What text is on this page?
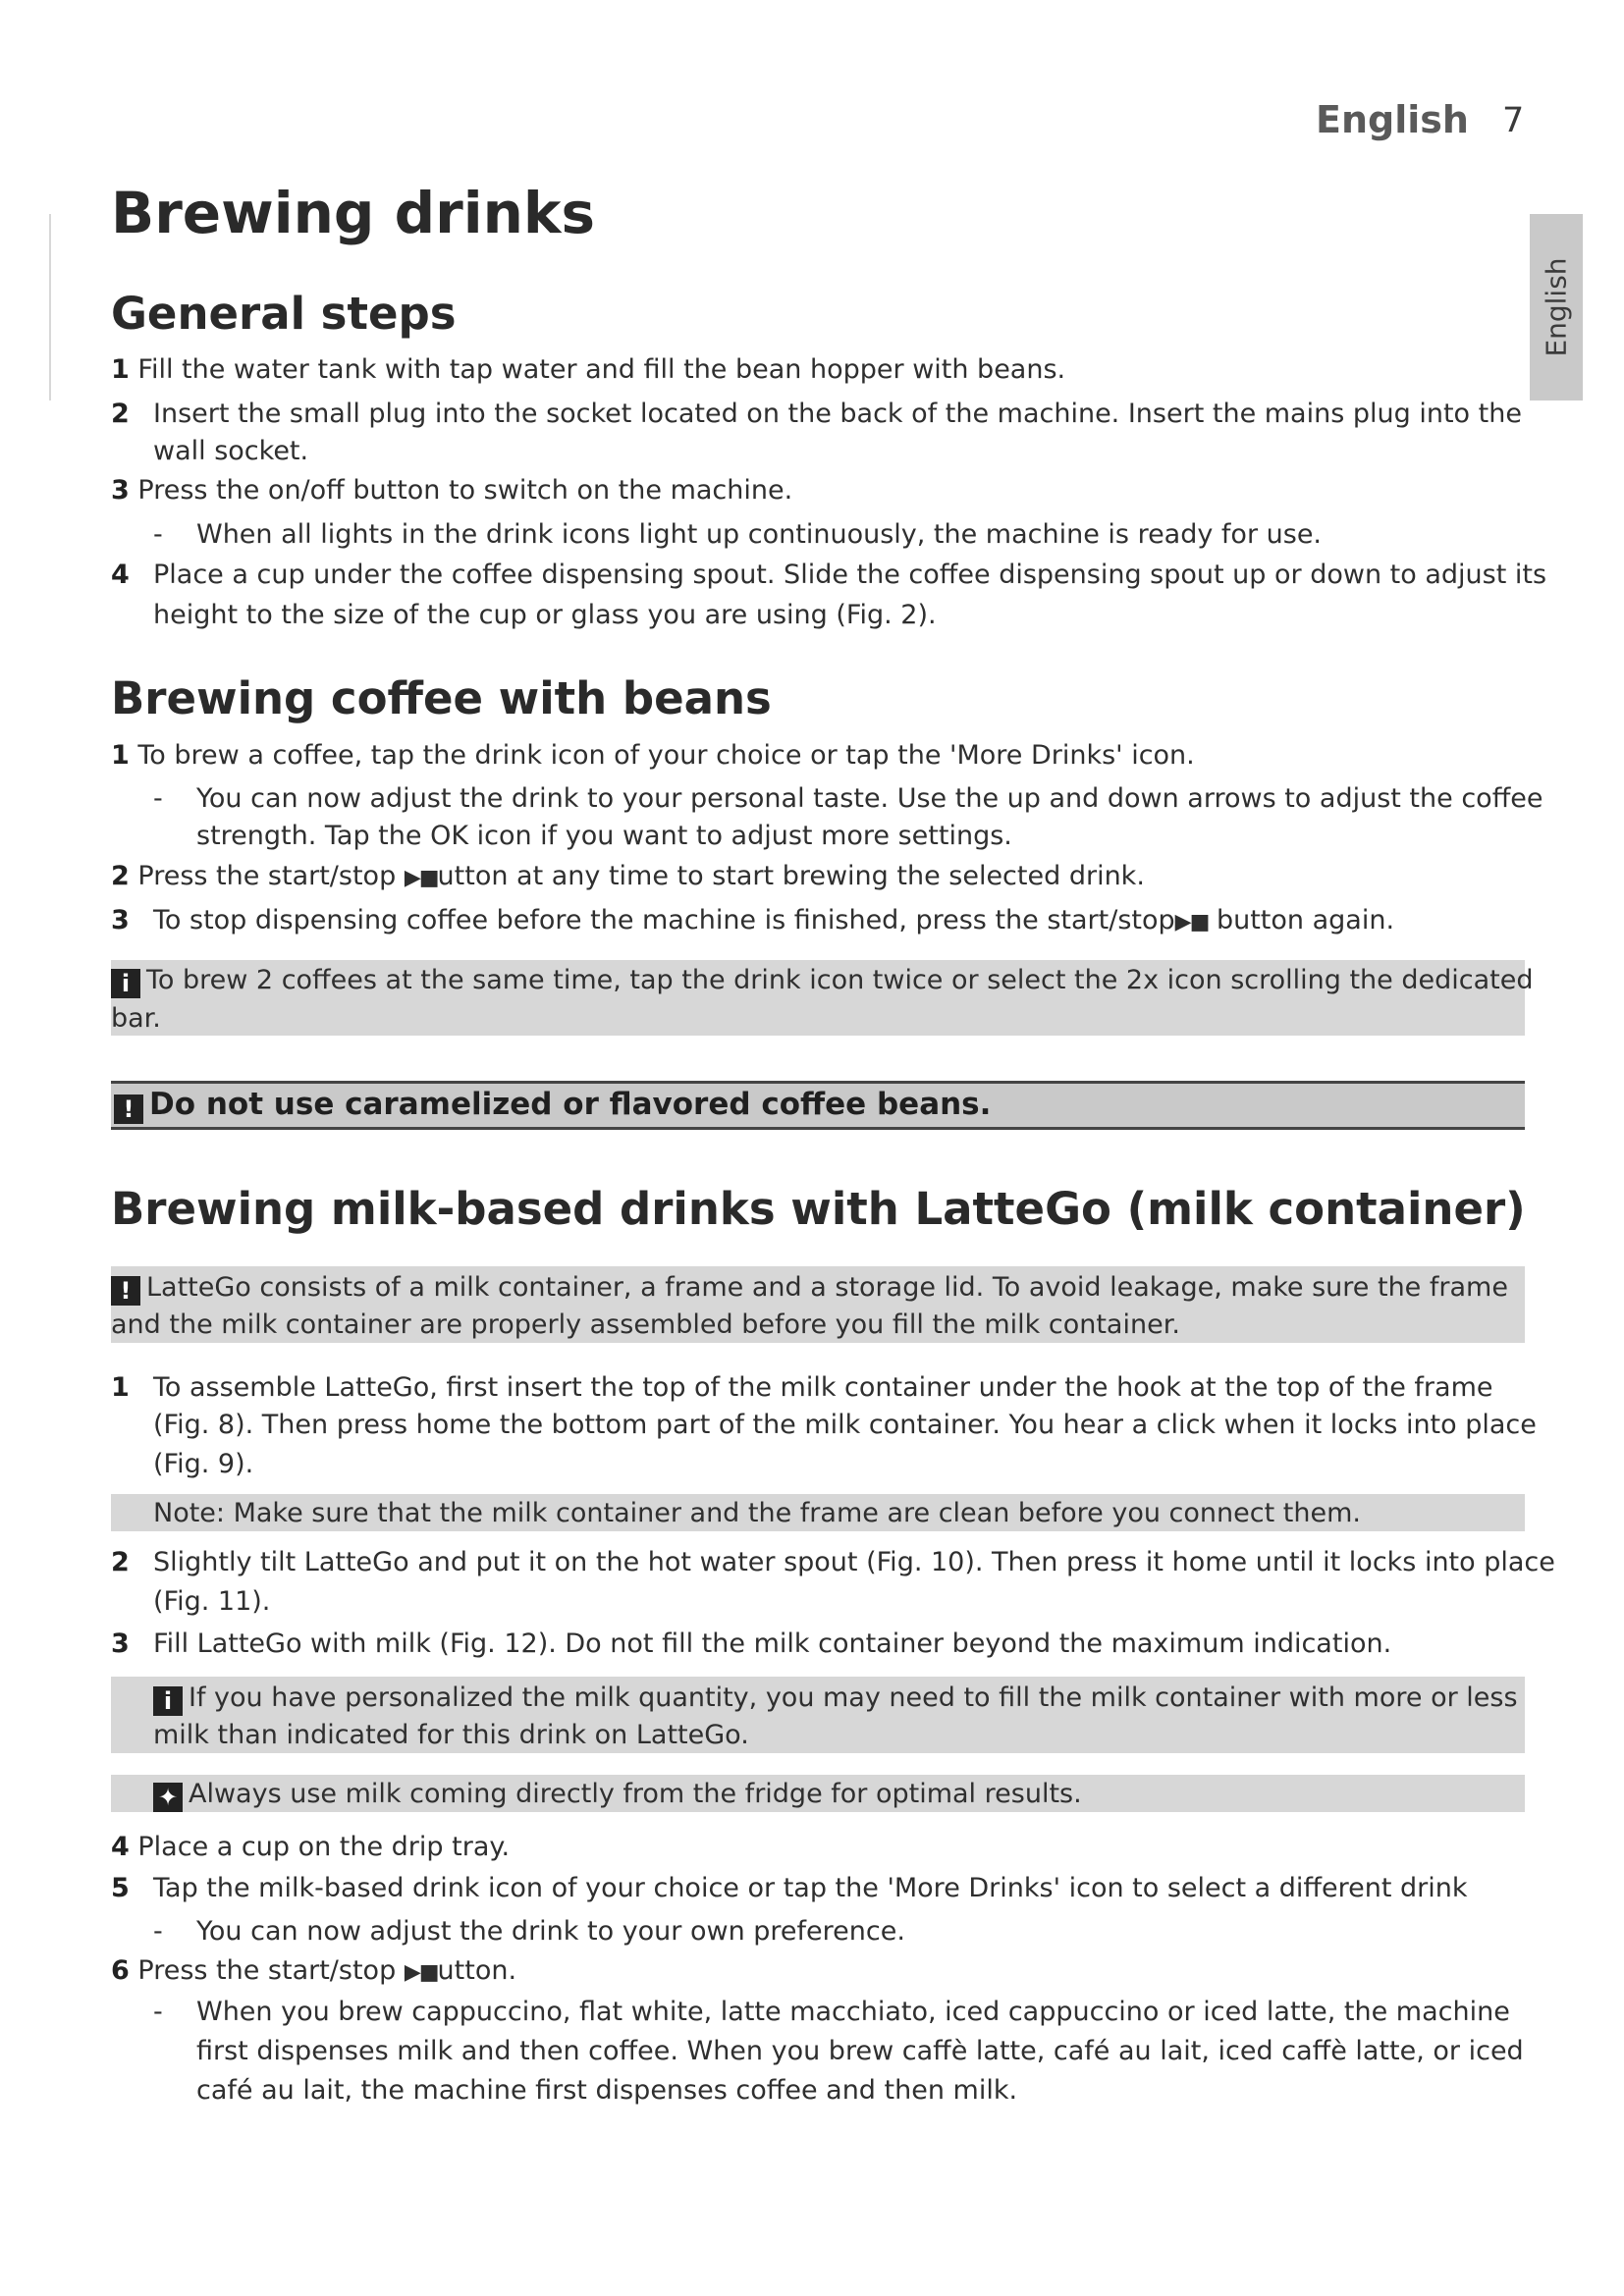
English 7
English
Brewing drinks
General steps
1 Fill the water tank with tap water and fill the bean hopper with beans.
2 Insert the small plug into the socket located on the back of the machine. Insert the mains plug into the
wall socket.
3 Press the on/off button to switch on the machine.
- When all lights in the drink icons light up continuously, the machine is ready for use.
4 Place a cup under the coffee dispensing spout. Slide the coffee dispensing spout up or down to adjust its
height to the size of the cup or glass you are using (Fig. 2).
Brewing coffee with beans
1 To brew a coffee, tap the drink icon of your choice or tap the 'More Drinks' icon.
- You can now adjust the drink to your personal taste. Use the up and down arrows to adjust the coffee
strength. Tap the OK icon if you want to adjust more settings.
2 Press the start/stop ▶■utton at any time to start brewing the selected drink.
3 To stop dispensing coffee before the machine is finished, press the start/stop▶■ button again.
i To brew 2 coffees at the same time, tap the drink icon twice or select the 2x icon scrolling the dedicated
bar.
! Do not use caramelized or flavored coffee beans.
Brewing milk-based drinks with LatteGo (milk container)
! LatteGo consists of a milk container, a frame and a storage lid. To avoid leakage, make sure the frame
and the milk container are properly assembled before you fill the milk container.
1 To assemble LatteGo, first insert the top of the milk container under the hook at the top of the frame
(Fig. 8). Then press home the bottom part of the milk container. You hear a click when it locks into place
(Fig. 9).
Note: Make sure that the milk container and the frame are clean before you connect them.
2 Slightly tilt LatteGo and put it on the hot water spout (Fig. 10). Then press it home until it locks into place
(Fig. 11).
3 Fill LatteGo with milk (Fig. 12). Do not fill the milk container beyond the maximum indication.
i If you have personalized the milk quantity, you may need to fill the milk container with more or less
milk than indicated for this drink on LatteGo.
✦ Always use milk coming directly from the fridge for optimal results.
4 Place a cup on the drip tray.
5 Tap the milk-based drink icon of your choice or tap the 'More Drinks' icon to select a different drink
- You can now adjust the drink to your own preference.
6 Press the start/stop ▶■utton.
- When you brew cappuccino, flat white, latte macchiato, iced cappuccino or iced latte, the machine
first dispenses milk and then coffee. When you brew caffè latte, café au lait, iced caffè latte, or iced
café au lait, the machine first dispenses coffee and then milk.
